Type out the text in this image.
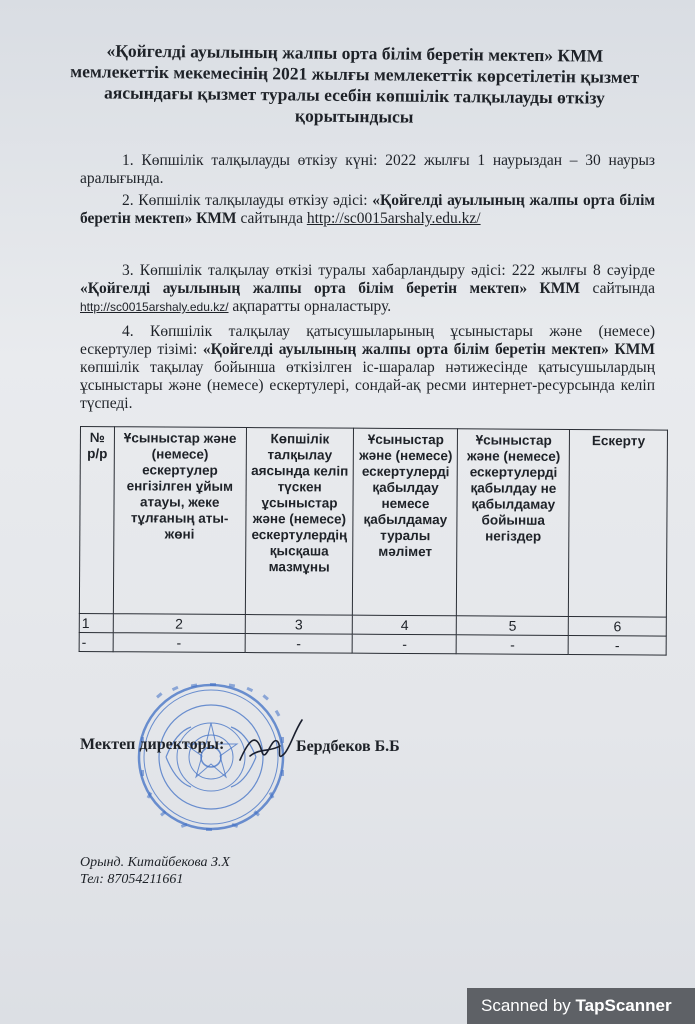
«Қойгелді ауылының жалпы орта білім беретін мектеп» КММ мемлекеттік мекемесінің 2021 жылғы мемлекеттік көрсетілетін қызмет аясындағы қызмет туралы есебін көпшілік талқылауды өткізу қорытындысы
1. Көпшілік талқылауды өткізу күні: 2022 жылғы 1 наурыздан – 30 наурыз аралығында.
2. Көпшілік талқылауды өткізу әдісі: «Қойгелді ауылының жалпы орта білім беретін мектеп» КММ сайтында http://sc0015arshaly.edu.kz/
3. Көпшілік талқылау өткізі туралы хабарландыру әдісі: 222 жылғы 8 сәуірде «Қойгелді ауылының жалпы орта білім беретін мектеп» КММ сайтында http://sc0015arshaly.edu.kz/ ақпаратты орналастыру.
4. Көпшілік талқылау қатысушыларының ұсыныстары және (немесе) ескертулер тізімі: «Қойгелді ауылының жалпы орта білім беретін мектеп» КММ көпшілік тақылау бойынша өткізілген іс-шаралар нәтижесінде қатысушылардың ұсыныстары және (немесе) ескертулері, сондай-ақ ресми интернет-ресурсында келіп түспеді.
№ р/р	Ұсыныстар және (немесе) ескертулер енгізілген ұйым атауы, жеке тұлғаның аты-жөні	Көпшілік талқылау аясында келіп түскен ұсыныстар және (немесе) ескертулердің қысқаша мазмұны	Ұсыныстар және (немесе) ескертулерді қабылдау немесе қабылдамау туралы мәлімет	Ұсыныстар және (немесе) ескертулерді қабылдау не қабылдамау бойынша негіздер	Ескерту
1	2	3	4	5	6
-	-	-	-	-	-
Мектеп директоры:	Бердбеков Б.Б
Орынд. Китайбекова З.Х
Тел: 87054211661
Scanned by TapScanner
